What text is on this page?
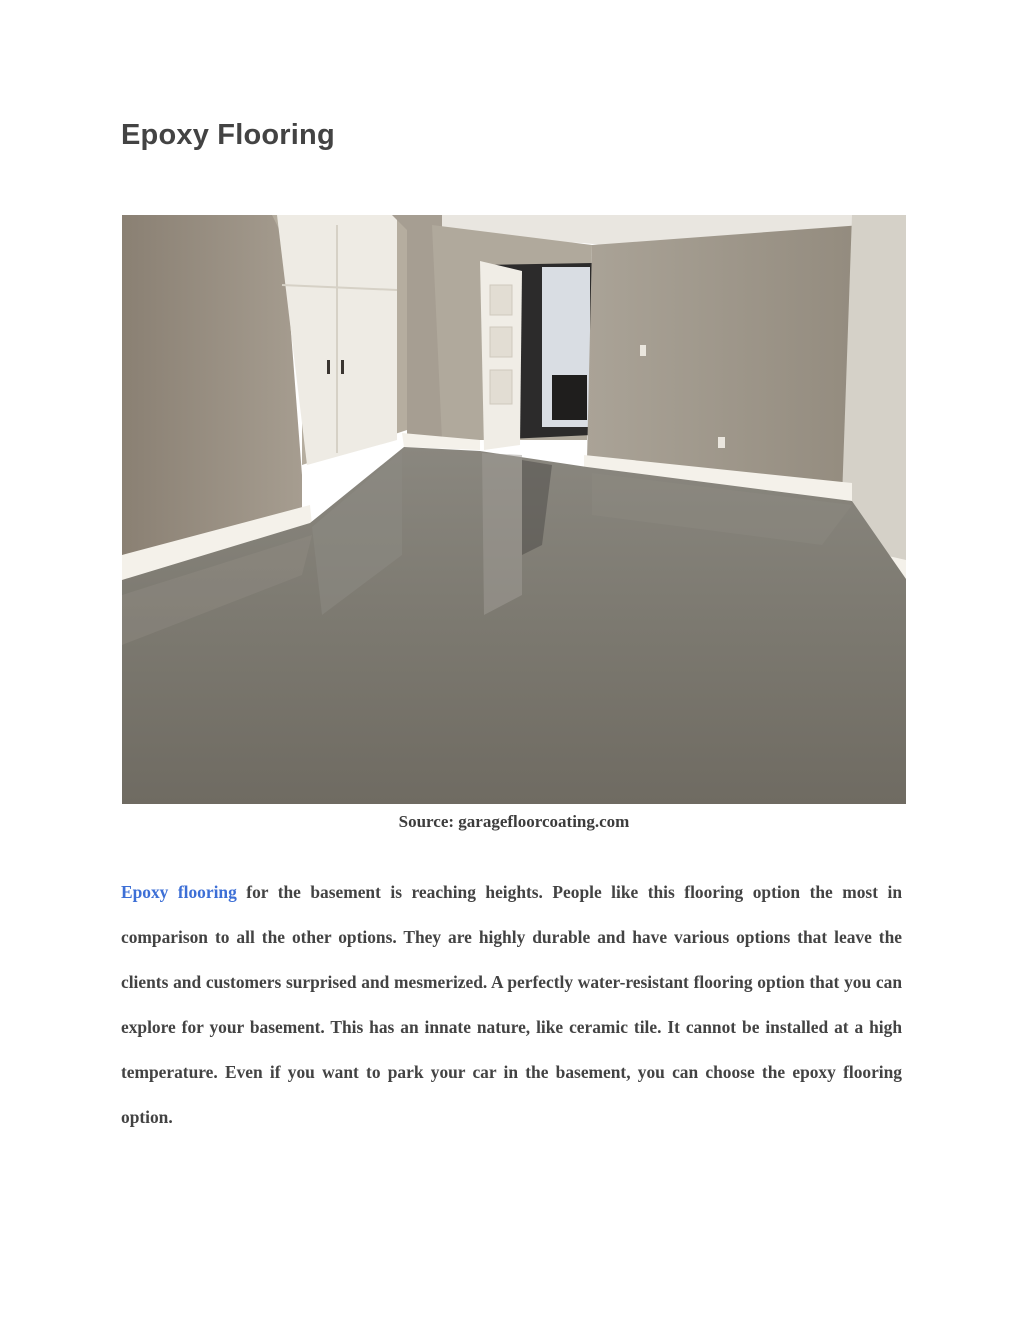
Epoxy Flooring

Source: garagefloorcoating.com

Epoxy flooring for the basement is reaching heights. People like this flooring option the most in comparison to all the other options. They are highly durable and have various options that leave the clients and customers surprised and mesmerized. A perfectly water-resistant flooring option that you can explore for your basement. This has an innate nature, like ceramic tile. It cannot be installed at a high temperature. Even if you want to park your car in the basement, you can choose the epoxy flooring option.
